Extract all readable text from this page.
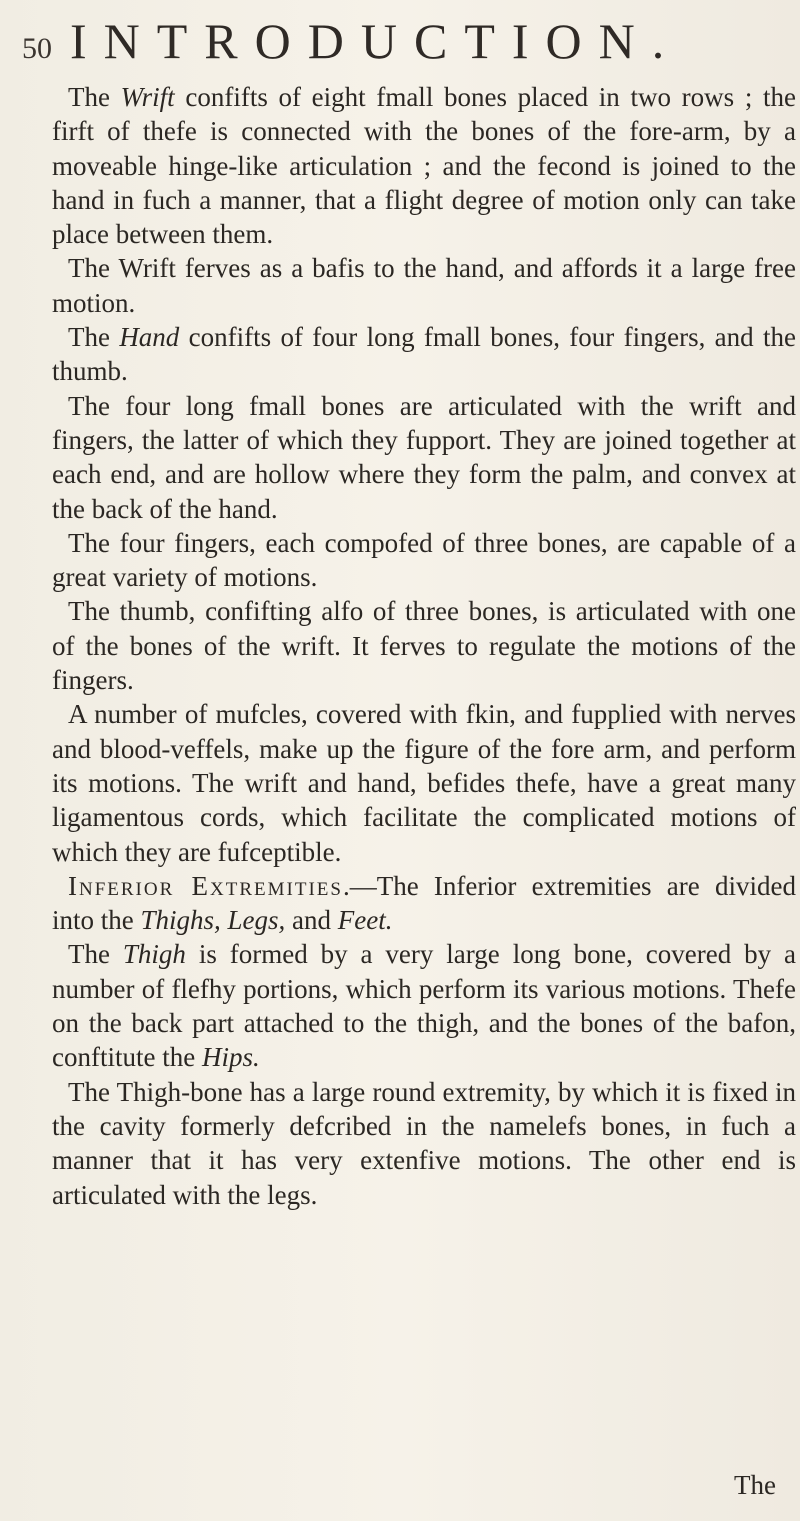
50 INTRODUCTION.

The Wrift confifts of eight fmall bones placed in two rows ; the firft of thefe is connected with the bones of the fore-arm, by a moveable hinge-like articulation ; and the fecond is joined to the hand in fuch a manner, that a flight degree of motion only can take place between them.

The Wrift ferves as a bafis to the hand, and affords it a large free motion.

The Hand confifts of four long fmall bones, four fingers, and the thumb.

The four long fmall bones are articulated with the wrift and fingers, the latter of which they fupport. They are joined together at each end, and are hollow where they form the palm, and convex at the back of the hand.

The four fingers, each compofed of three bones, are capable of a great variety of motions.

The thumb, confifting alfo of three bones, is articulated with one of the bones of the wrift. It ferves to regulate the motions of the fingers.

A number of mufcles, covered with fkin, and fupplied with nerves and blood-veffels, make up the figure of the fore arm, and perform its motions. The wrift and hand, befides thefe, have a great many ligamentous cords, which facilitate the complicated motions of which they are fufceptible.

Inferior Extremities.—The Inferior extremities are divided into the Thighs, Legs, and Feet.

The Thigh is formed by a very large long bone, covered by a number of flefhy portions, which perform its various motions. Thefe on the back part attached to the thigh, and the bones of the bafon, conftitute the Hips.

The Thigh-bone has a large round extremity, by which it is fixed in the cavity formerly defcribed in the namelefs bones, in fuch a manner that it has very extenfive motions. The other end is articulated with the legs.

The
